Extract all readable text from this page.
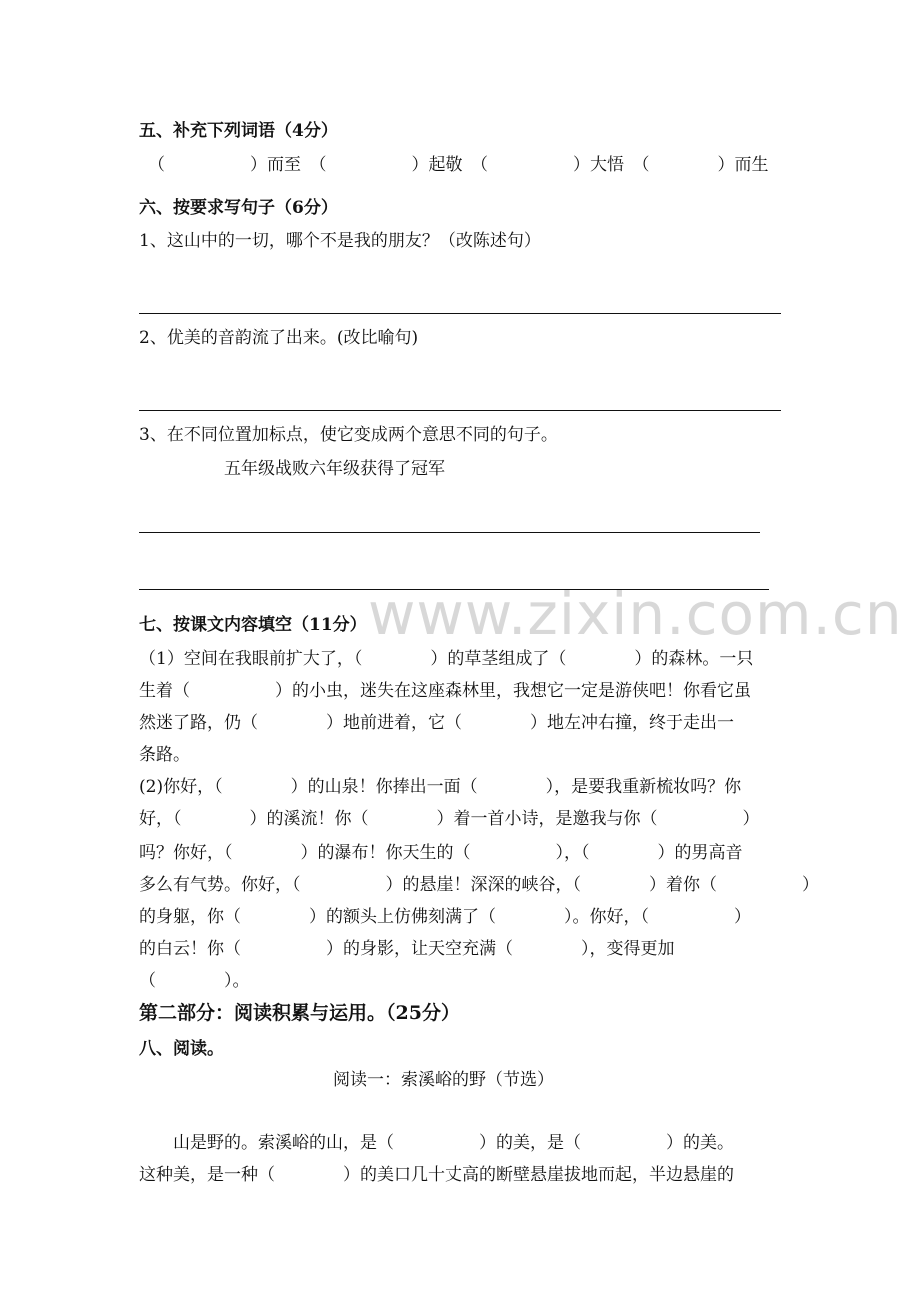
www.zixin.com.cn
五、补充下列词语（4分）
（　　　　　）而至　（　　　　　）起敬　（　　　　　）大悟　（　　　　）而生
六、按要求写句子（6分）
1、这山中的一切，哪个不是我的朋友？（改陈述句）
2、优美的音韵流了出来。(改比喻句)
3、在不同位置加标点，使它变成两个意思不同的句子。
五年级战败六年级获得了冠军
七、按课文内容填空（11分）
（1）空间在我眼前扩大了，（　　　　）的草茎组成了（　　　　）的森林。一只
生着（　　　　　）的小虫，迷失在这座森林里，我想它一定是游侠吧！你看它虽
然迷了路，仍（　　　　）地前进着，它（　　　　）地左冲右撞，终于走出一
条路。
(2)你好，（　　　　）的山泉！你捧出一面（　　　　），是要我重新梳妆吗？你
好，（　　　　）的溪流！你（　　　　）着一首小诗，是邀我与你（　　　　　）
吗？你好，（　　　　）的瀑布！你天生的（　　　　　），（　　　　）的男高音
多么有气势。你好，（　　　　　）的悬崖！深深的峡谷，（　　　　）着你（　　　　　）
的身躯，你（　　　　）的额头上仿佛刻满了（　　　　）。你好，（　　　　　）
的白云！你（　　　　　）的身影，让天空充满（　　　　），变得更加
（　　　　）。
第二部分：阅读积累与运用。（25分）
八、阅读。
阅读一：索溪峪的野（节选）
　　山是野的。索溪峪的山，是（　　　　　）的美，是（　　　　　）的美。
这种美，是一种（　　　　）的美口几十丈高的断壁悬崖拔地而起，半边悬崖的
